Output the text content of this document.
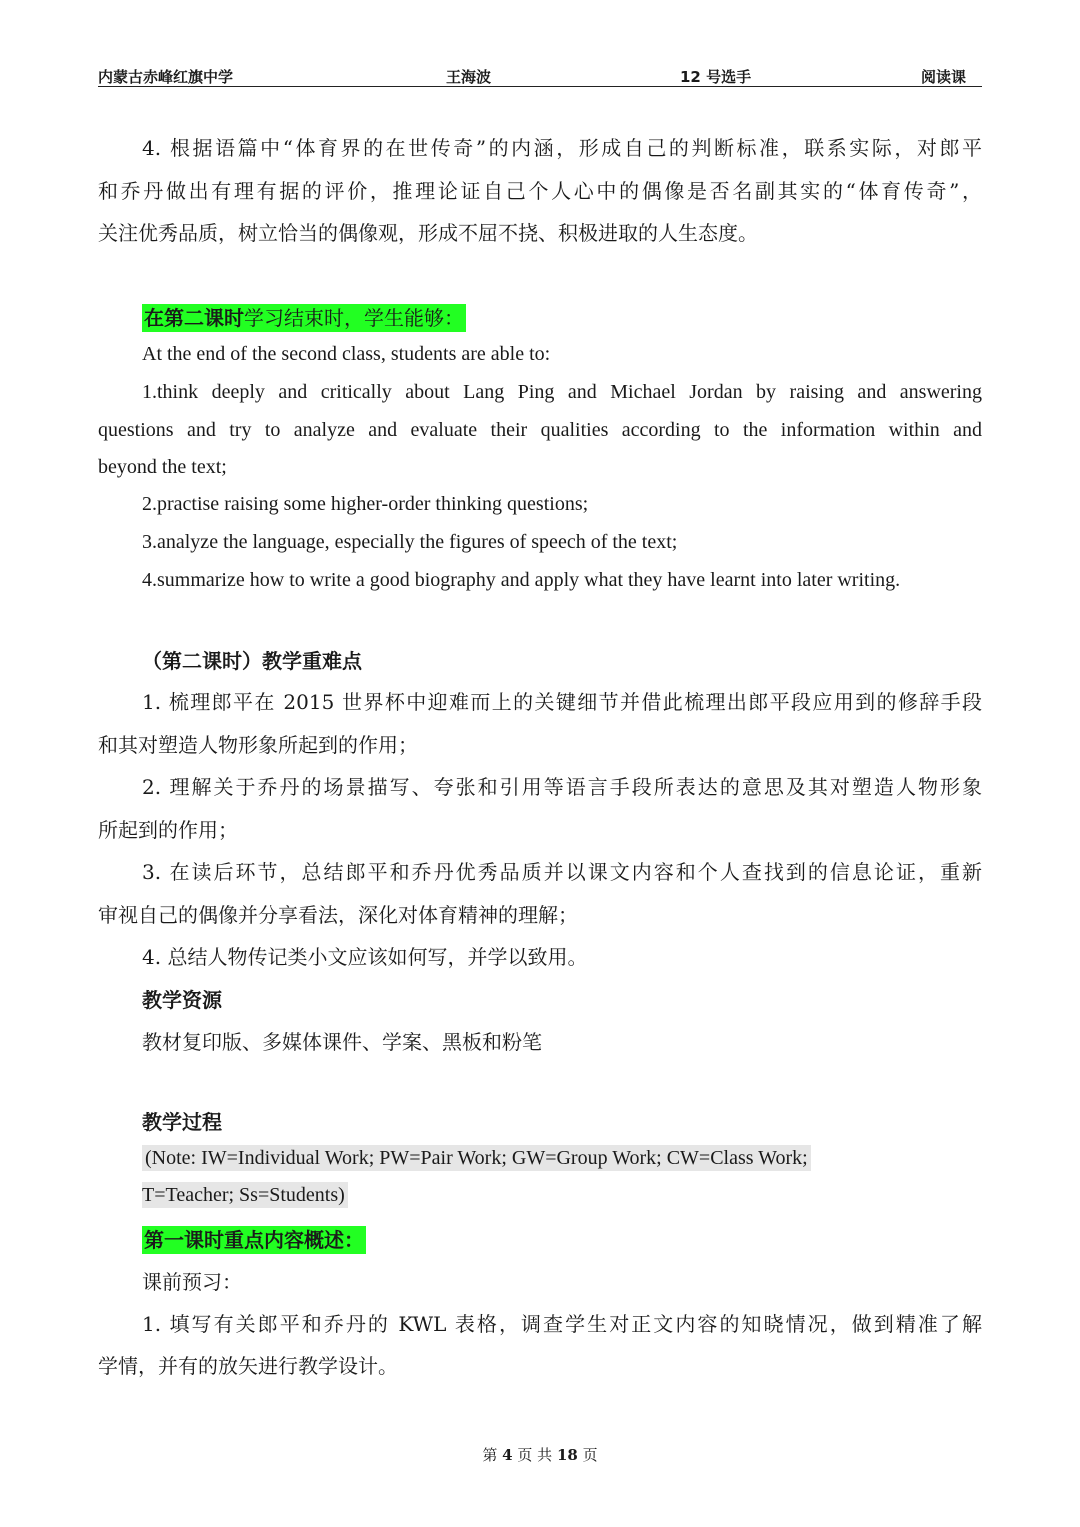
内蒙古赤峰红旗中学	王海波	12 号选手	阅读课
4. 根据语篇中“体育界的在世传奇”的内涵，形成自己的判断标准，联系实际，对郎平
和乔丹做出有理有据的评价，推理论证自己个人心中的偶像是否名副其实的“体育传奇”，
关注优秀品质，树立恰当的偶像观，形成不屈不挠、积极进取的人生态度。
在第二课时学习结束时，学生能够：
At the end of the second class, students are able to:
1.think deeply and critically about Lang Ping and Michael Jordan by raising and answering
questions and try to analyze and evaluate their qualities according to the information within and
beyond the text;
2.practise raising some higher-order thinking questions;
3.analyze the language, especially the figures of speech of the text;
4.summarize how to write a good biography and apply what they have learnt into later writing.
（第二课时）教学重难点
1. 梳理郎平在 2015 世界杯中迎难而上的关键细节并借此梳理出郎平段应用到的修辞手段
和其对塑造人物形象所起到的作用；
2. 理解关于乔丹的场景描写、夸张和引用等语言手段所表达的意思及其对塑造人物形象
所起到的作用；
3. 在读后环节，总结郎平和乔丹优秀品质并以课文内容和个人查找到的信息论证，重新
审视自己的偶像并分享看法，深化对体育精神的理解；
4. 总结人物传记类小文应该如何写，并学以致用。
教学资源
教材复印版、多媒体课件、学案、黑板和粉笔
教学过程
(Note: IW=Individual Work; PW=Pair Work; GW=Group Work; CW=Class Work;
T=Teacher; Ss=Students)
第一课时重点内容概述：
课前预习：
1. 填写有关郎平和乔丹的 KWL 表格，调查学生对正文内容的知晓情况，做到精准了解
学情，并有的放矢进行教学设计。
第 4 页 共 18 页
